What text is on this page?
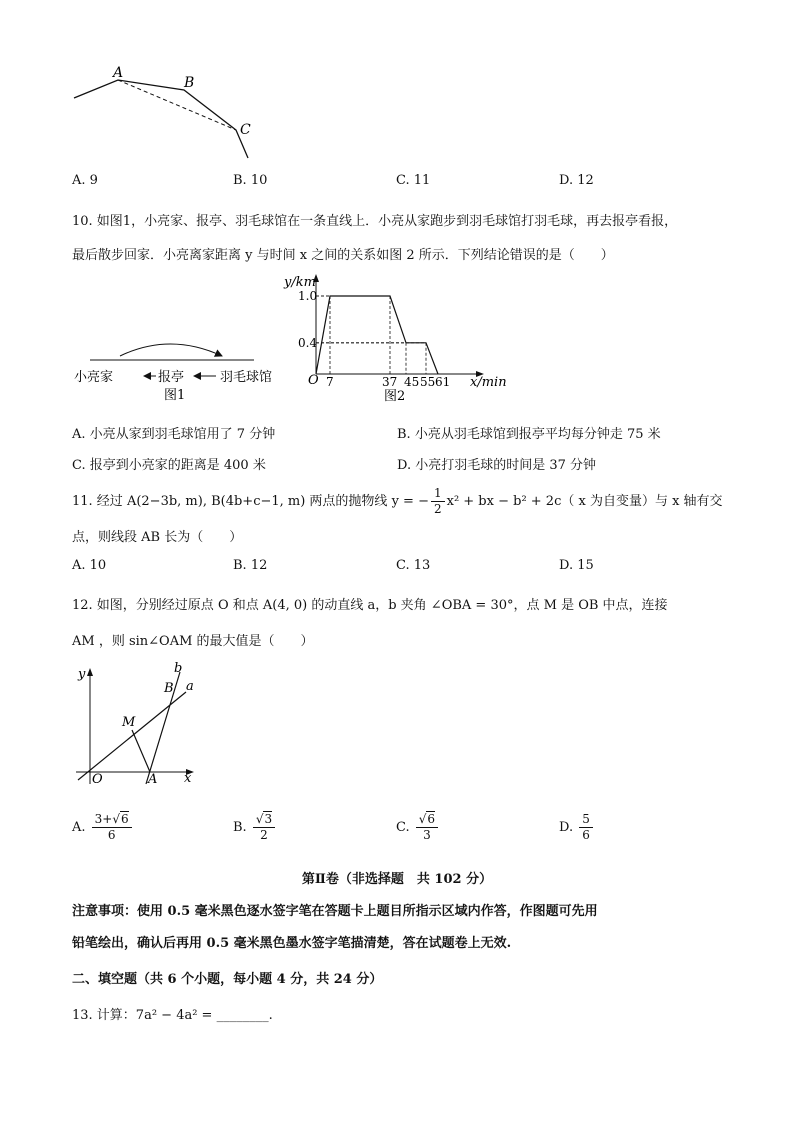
A
B
C
A. 9	B. 10	C. 11	D. 12
10. 如图1，小亮家、报亭、羽毛球馆在一条直线上．小亮从家跑步到羽毛球馆打羽毛球，再去报亭看报，
最后散步回家．小亮离家距离 y 与时间 x 之间的关系如图 2 所示．下列结论错误的是（　　）
小亮家	报亭	羽毛球馆
图1
y/km
x/min
O
图2
7	37 45 55 61
1.0
0.4
A. 小亮从家到羽毛球馆用了 7 分钟	B. 小亮从羽毛球馆到报亭平均每分钟走 75 米
C. 报亭到小亮家的距离是 400 米	D. 小亮打羽毛球的时间是 37 分钟
11. 经过 A(2−3b, m), B(4b+c−1, m) 两点的抛物线 y = − $\frac{1}{2} x^2$ + bx − b² + 2c（ x 为自变量）与 x 轴有交
点，则线段 AB 长为（　　）
A. 10	B. 12	C. 13	D. 15
12. 如图，分别经过原点 O 和点 A(4, 0) 的动直线 a，b 夹角 ∠OBA = 30°，点 M 是 OB 中点，连接
AM ，则 sin∠OAM 的最大值是（　　）
y
x
b
B a
M
O	A
A. $\frac{3+√6}{6}$	B. $\frac{√3}{2}$	C. $\frac{√6}{3}$	D. $\frac{5}{6}$
第Ⅱ卷（非选择题　共 102 分）
注意事项：使用 0.5 毫米黑色逐水签字笔在答题卡上题目所指示区域内作答，作图题可先用
铅笔绘出，确认后再用 0.5 毫米黑色墨水签字笔描清楚，答在试题卷上无效.
二、填空题（共 6 个小题，每小题 4 分，共 24 分）
13. 计算：7a² − 4a² = ________.
